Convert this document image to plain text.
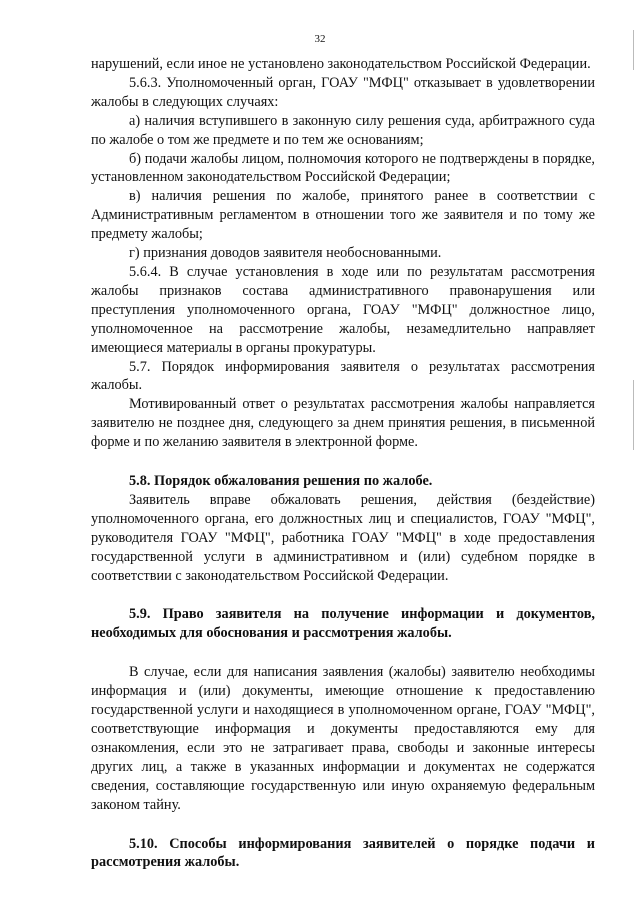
32

нарушений, если иное не установлено законодательством Российской Федерации.

5.6.3. Уполномоченный орган, ГОАУ "МФЦ" отказывает в удовлетворении жалобы в следующих случаях:

а) наличия вступившего в законную силу решения суда, арбитражного суда по жалобе о том же предмете и по тем же основаниям;

б) подачи жалобы лицом, полномочия которого не подтверждены в порядке, установленном законодательством Российской Федерации;

в) наличия решения по жалобе, принятого ранее в соответствии с Административным регламентом в отношении того же заявителя и по тому же предмету жалобы;

г) признания доводов заявителя необоснованными.

5.6.4. В случае установления в ходе или по результатам рассмотрения жалобы признаков состава административного правонарушения или преступления уполномоченного органа, ГОАУ "МФЦ" должностное лицо, уполномоченное на рассмотрение жалобы, незамедлительно направляет имеющиеся материалы в органы прокуратуры.

5.7. Порядок информирования заявителя о результатах рассмотрения жалобы.

Мотивированный ответ о результатах рассмотрения жалобы направляется заявителю не позднее дня, следующего за днем принятия решения, в письменной форме и по желанию заявителя в электронной форме.

5.8. Порядок обжалования решения по жалобе.

Заявитель вправе обжаловать решения, действия (бездействие) уполномоченного органа, его должностных лиц и специалистов, ГОАУ "МФЦ", руководителя ГОАУ "МФЦ", работника ГОАУ "МФЦ" в ходе предоставления государственной услуги в административном и (или) судебном порядке в соответствии с законодательством Российской Федерации.

5.9. Право заявителя на получение информации и документов, необходимых для обоснования и рассмотрения жалобы.

В случае, если для написания заявления (жалобы) заявителю необходимы информация и (или) документы, имеющие отношение к предоставлению государственной услуги и находящиеся в уполномоченном органе, ГОАУ "МФЦ", соответствующие информация и документы предоставляются ему для ознакомления, если это не затрагивает права, свободы и законные интересы других лиц, а также в указанных информации и документах не содержатся сведения, составляющие государственную или иную охраняемую федеральным законом тайну.

5.10. Способы информирования заявителей о порядке подачи и рассмотрения жалобы.
